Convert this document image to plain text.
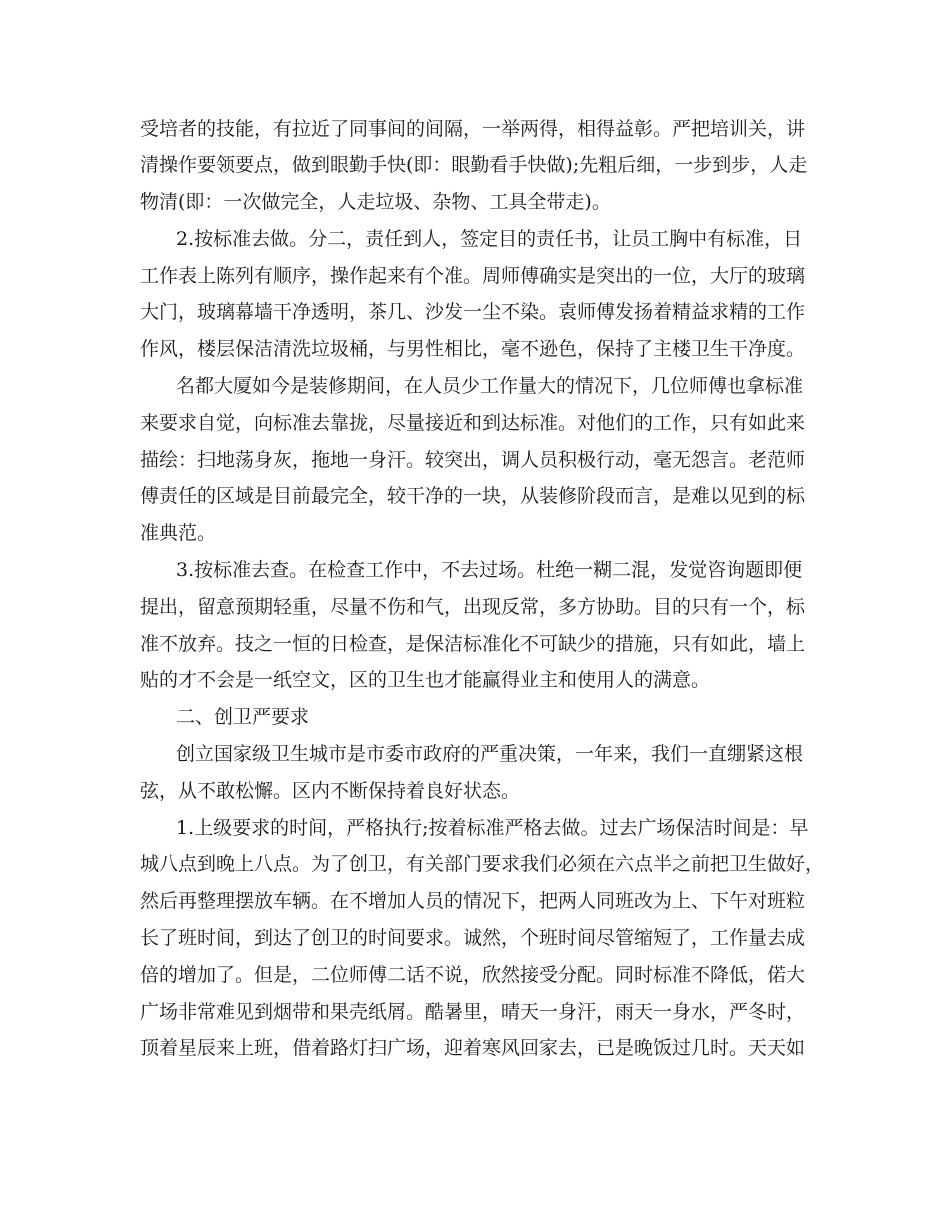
受培者的技能，有拉近了同事间的间隔，一举两得，相得益彰。严把培训关，讲
清操作要领要点，做到眼勤手快(即：眼勤看手快做);先粗后细，一步到步，人走
物清(即：一次做完全，人走垃圾、杂物、工具全带走)。
2.按标准去做。分二，责任到人，签定目的责任书，让员工胸中有标准，日
工作表上陈列有顺序，操作起来有个准。周师傅确实是突出的一位，大厅的玻璃
大门，玻璃幕墙干净透明，茶几、沙发一尘不染。袁师傅发扬着精益求精的工作
作风，楼层保洁清洗垃圾桶，与男性相比，毫不逊色，保持了主楼卫生干净度。
名都大厦如今是装修期间，在人员少工作量大的情况下，几位师傅也拿标准
来要求自觉，向标准去靠拢，尽量接近和到达标准。对他们的工作，只有如此来
描绘：扫地荡身灰，拖地一身汗。较突出，调人员积极行动，毫无怨言。老范师
傅责任的区域是目前最完全，较干净的一块，从装修阶段而言，是难以见到的标
准典范。
3.按标准去查。在检查工作中，不去过场。杜绝一糊二混，发觉咨询题即便
提出，留意预期轻重，尽量不伤和气，出现反常，多方协助。目的只有一个，标
准不放弃。技之一恒的日检查，是保洁标准化不可缺少的措施，只有如此，墙上
贴的才不会是一纸空文，区的卫生也才能赢得业主和使用人的满意。
二、创卫严要求
创立国家级卫生城市是市委市政府的严重决策，一年来，我们一直绷紧这根
弦，从不敢松懈。区内不断保持着良好状态。
1.上级要求的时间，严格执行;按着标准严格去做。过去广场保洁时间是：早
城八点到晚上八点。为了创卫，有关部门要求我们必须在六点半之前把卫生做好，
然后再整理摆放车辆。在不增加人员的情况下，把两人同班改为上、下午对班粒
长了班时间，到达了创卫的时间要求。诚然，个班时间尽管缩短了，工作量去成
倍的增加了。但是，二位师傅二话不说，欣然接受分配。同时标准不降低，偌大
广场非常难见到烟带和果壳纸屑。酷暑里，晴天一身汗，雨天一身水，严冬时，
顶着星辰来上班，借着路灯扫广场，迎着寒风回家去，已是晚饭过几时。天天如
